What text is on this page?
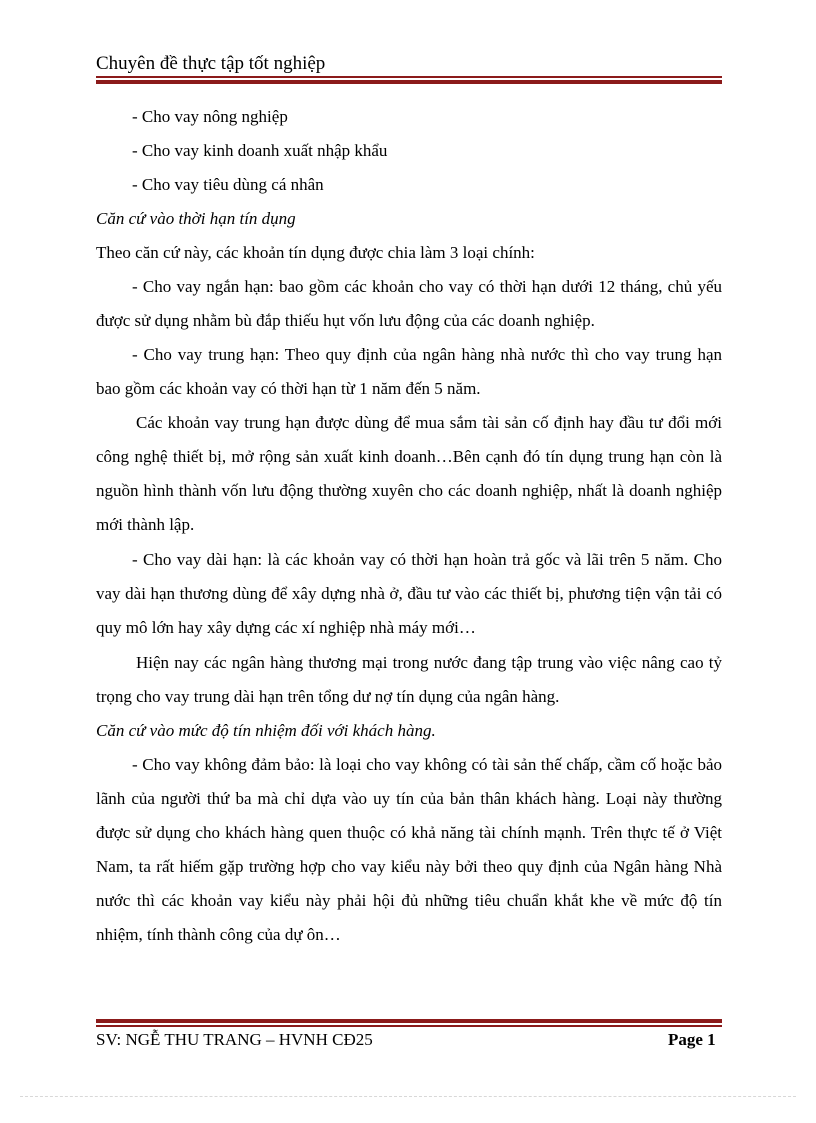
Chuyên đề thực tập tốt nghiệp
- Cho vay nông nghiệp
- Cho vay kinh doanh xuất nhập khẩu
- Cho vay tiêu dùng cá nhân
Căn cứ vào thời hạn tín dụng
Theo căn cứ này, các khoản tín dụng được chia làm 3 loại chính:
- Cho vay ngắn hạn: bao gồm các khoản cho vay có thời hạn dưới 12 tháng, chủ yếu được sử dụng nhằm bù đắp thiếu hụt vốn lưu động của các doanh nghiệp.
- Cho vay trung hạn: Theo quy định của ngân hàng nhà nước thì cho vay trung hạn bao gồm các khoản vay có thời hạn từ 1 năm đến 5 năm.
Các khoản vay trung hạn được dùng để mua sắm tài sản cố định hay đầu tư đổi mới công nghệ thiết bị, mở rộng sản xuất kinh doanh…Bên cạnh đó tín dụng trung hạn còn là nguồn hình thành vốn lưu động thường xuyên cho các doanh nghiệp, nhất là doanh nghiệp mới thành lập.
- Cho vay dài hạn: là các khoản vay có thời hạn hoàn trả gốc và lãi trên 5 năm. Cho vay dài hạn thương dùng để xây dựng nhà ở, đầu tư vào các thiết bị, phương tiện vận tải có quy mô lớn hay xây dựng các xí nghiệp nhà máy mới…
Hiện nay các ngân hàng thương mại trong nước đang tập trung vào việc nâng cao tỷ trọng cho vay trung dài hạn trên tổng dư nợ tín dụng của ngân hàng.
Căn cứ vào mức độ tín nhiệm đối với khách hàng.
- Cho vay không đảm bảo: là loại cho vay không có tài sản thế chấp, cầm cố hoặc bảo lãnh của người thứ ba mà chỉ dựa vào uy tín của bản thân khách hàng. Loại này thường được sử dụng cho khách hàng quen thuộc có khả năng tài chính mạnh. Trên thực tế ở Việt Nam, ta rất hiếm gặp trường hợp cho vay kiểu này bởi theo quy định của Ngân hàng Nhà nước thì các khoản vay kiểu này phải hội đủ những tiêu chuẩn khắt khe về mức độ tín nhiệm, tính thành công của dự ôn…
SV: NGỄ THU TRANG – HVNH CĐ25	Page 1
